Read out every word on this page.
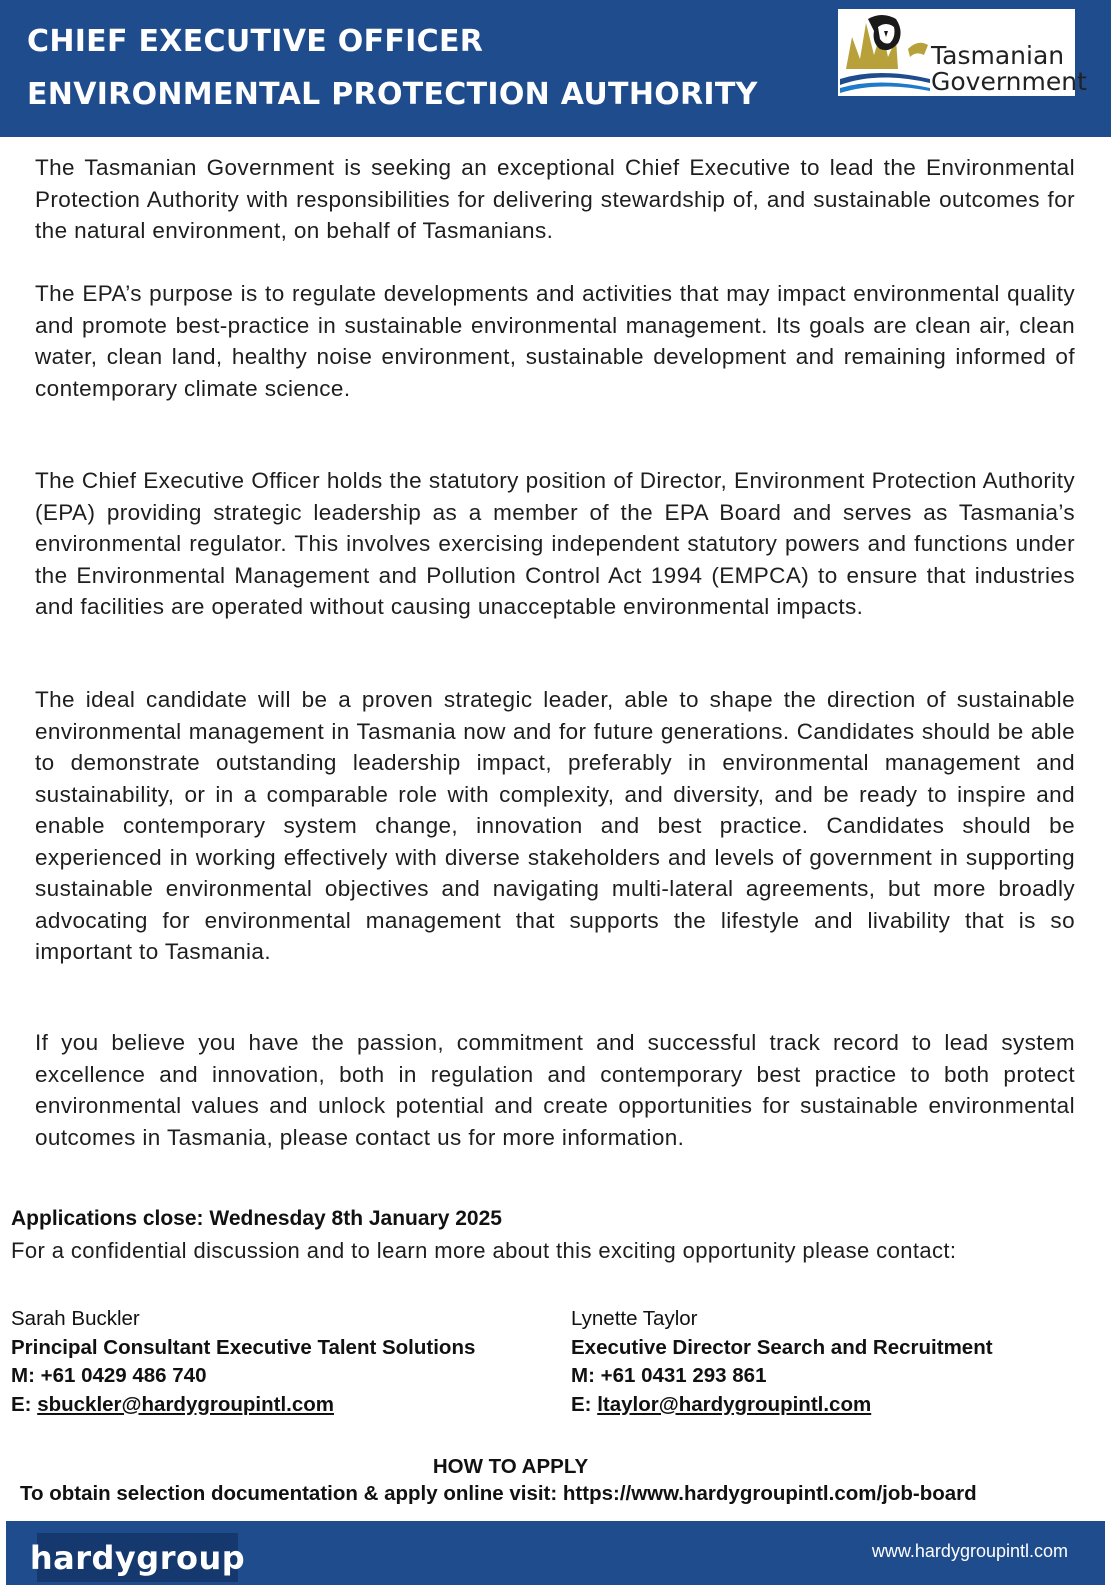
CHIEF EXECUTIVE OFFICER
ENVIRONMENTAL PROTECTION AUTHORITY
Tasmanian
Government
The Tasmanian Government is seeking an exceptional Chief Executive to lead the Environmental Protection Authority with responsibilities for delivering stewardship of, and sustainable outcomes for the natural environment, on behalf of Tasmanians.
The EPA’s purpose is to regulate developments and activities that may impact environmental quality and promote best-practice in sustainable environmental management. Its goals are clean air, clean water, clean land, healthy noise environment, sustainable development and remaining informed of contemporary climate science.
The Chief Executive Officer holds the statutory position of Director, Environment Protection Authority (EPA) providing strategic leadership as a member of the EPA Board and serves as Tasmania’s environmental regulator. This involves exercising independent statutory powers and functions under the Environmental Management and Pollution Control Act 1994 (EMPCA) to ensure that industries and facilities are operated without causing unacceptable environmental impacts.
The ideal candidate will be a proven strategic leader, able to shape the direction of sustainable environmental management in Tasmania now and for future generations. Candidates should be able to demonstrate outstanding leadership impact, preferably in environmental management and sustainability, or in a comparable role with complexity, and diversity, and be ready to inspire and enable contemporary system change, innovation and best practice. Candidates should be experienced in working effectively with diverse stakeholders and levels of government in supporting sustainable environmental objectives and navigating multi-lateral agreements, but more broadly advocating for environmental management that supports the lifestyle and livability that is so important to Tasmania.
If you believe you have the passion, commitment and successful track record to lead system excellence and innovation, both in regulation and contemporary best practice to both protect environmental values and unlock potential and create opportunities for sustainable environmental outcomes in Tasmania, please contact us for more information.
Applications close: Wednesday 8th January 2025
For a confidential discussion and to learn more about this exciting opportunity please contact:
Sarah Buckler
Principal Consultant Executive Talent Solutions
M: +61 0429 486 740
E: sbuckler@hardygroupintl.com
Lynette Taylor
Executive Director Search and Recruitment
M: +61 0431 293 861
E: ltaylor@hardygroupintl.com
HOW TO APPLY
To obtain selection documentation & apply online visit: https://www.hardygroupintl.com/job-board
hardygroup	www.hardygroupintl.com
